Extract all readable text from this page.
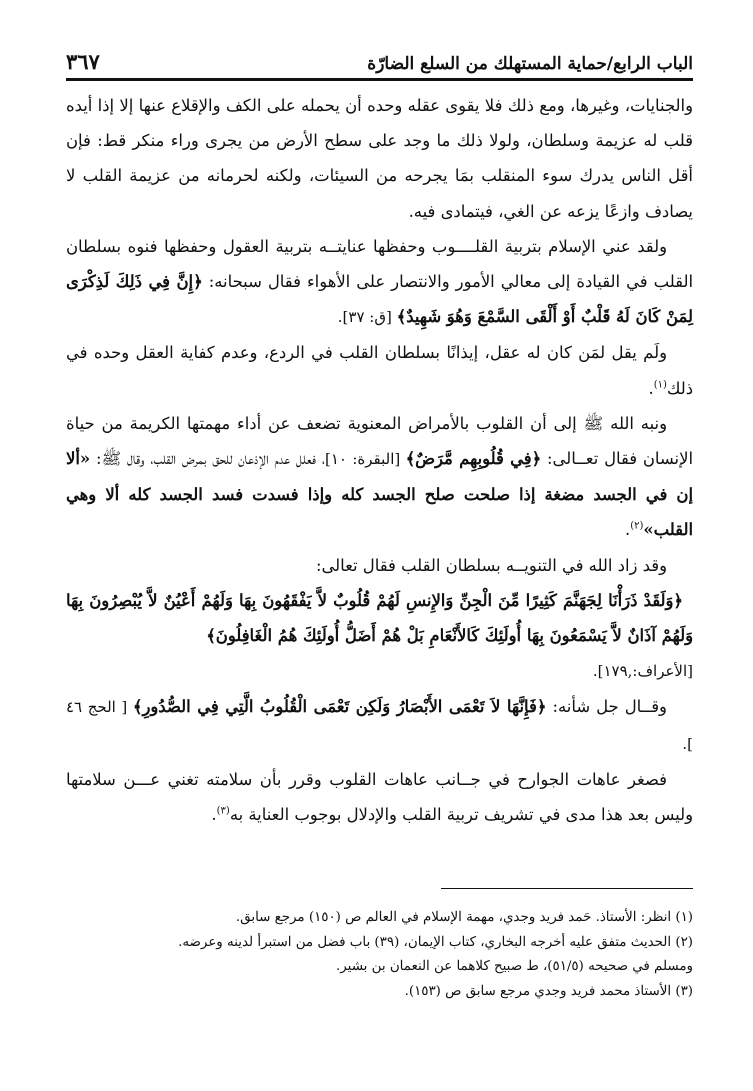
الباب الرابع/حماية المستهلك من السلع الضارّة
٣٦٧

والجنايات، وغيرها، ومع ذلك فلا يقوى عقله وحده أن يحمله على الكف والإقلاع عنها إلا إذا أيده قلب له عزيمة وسلطان، ولولا ذلك ما وجد على سطح الأرض من يجرى وراء منكر قط: فإن أقل الناس يدرك سوء المنقلب بمَا يجرحه من السيئات، ولكنه لحرمانه من عزيمة القلب لا يصادف وازعًا يزعه عن الغي، فيتمادى فيه.

ولقد عني الإسلام بتربية القلــــوب وحفظها عنايتــه بتربية العقول وحفظها فنوه بسلطان القلب في القيادة إلى معالي الأمور والانتصار على الأهواء فقال سبحانه: ﴿إِنَّ فِي ذَلِكَ لَذِكْرَى لِمَنْ كَانَ لَهُ قَلْبٌ أَوْ أَلْقَى السَّمْعَ وَهُوَ شَهِيدٌ﴾ [ق: ٣٧].

ولَم يقل لمَن كان له عقل، إيذانًا بسلطان القلب في الردع، وعدم كفاية العقل وحده في ذلك$^{(١)}$.

ونبه الله ﷺ إلى أن القلوب بالأمراض المعنوية تضعف عن أداء مهمتها الكريمة من حياة الإنسان فقال تعــالى: ﴿فِي قُلُوبِهِم مَّرَضٌ﴾ [البقرة: ١٠]، فعلل عدم الإذعان للحق بمرض القلب، وقال ﷺ: «ألا إن في الجسد مضغة إذا صلحت صلح الجسد كله وإذا فسدت فسد الجسد كله ألا وهي القلب»$^{(٢)}$.

وقد زاد الله في التنويــه بسلطان القلب فقال تعالى:

﴿وَلَقَدْ ذَرَأْنَا لِجَهَنَّمَ كَثِيرًا مِّنَ الْجِنِّ وَالإِنسِ لَهُمْ قُلُوبٌ لاَّ يَفْقَهُونَ بِهَا وَلَهُمْ أَعْيُنٌ لاَّ يُبْصِرُونَ بِهَا وَلَهُمْ آذَانٌ لاَّ يَسْمَعُونَ بِهَا أُولَئِكَ كَالأَنْعَامِ بَلْ هُمْ أَضَلُّ أُولَئِكَ هُمُ الْغَافِلُونَ﴾

[الأعراف:,١٧٩].

وقــال جل شأنه: ﴿فَإِنَّهَا لاَ تَعْمَى الأَبْصَارُ وَلَكِن تَعْمَى الْقُلُوبُ الَّتِي فِي الصُّدُورِ﴾ [ الحج ٤٦ ].

فصغر عاهات الجوارح في جــانب عاهات القلوب وقرر بأن سلامته تغني عـــن سلامتها وليس بعد هذا مدى في تشريف تربية القلب والإدلال بوجوب العناية به$^{(٣)}$.

(١) انظر: الأستاذ. حَمد فريد وجدي، مهمة الإسلام في العالم ص (١٥٠) مرجع سابق.

(٢) الحديث متفق عليه أخرجه البخاري، كتاب الإيمان، (٣٩) باب فضل من استبرأ لدينه وعرضه.

ومسلم في صحيحه (٥١/٥)، ط صبيح كلاهما عن النعمان بن بشير.

(٣) الأستاذ محمد فريد وجدي مرجع سابق ص (١٥٣).
